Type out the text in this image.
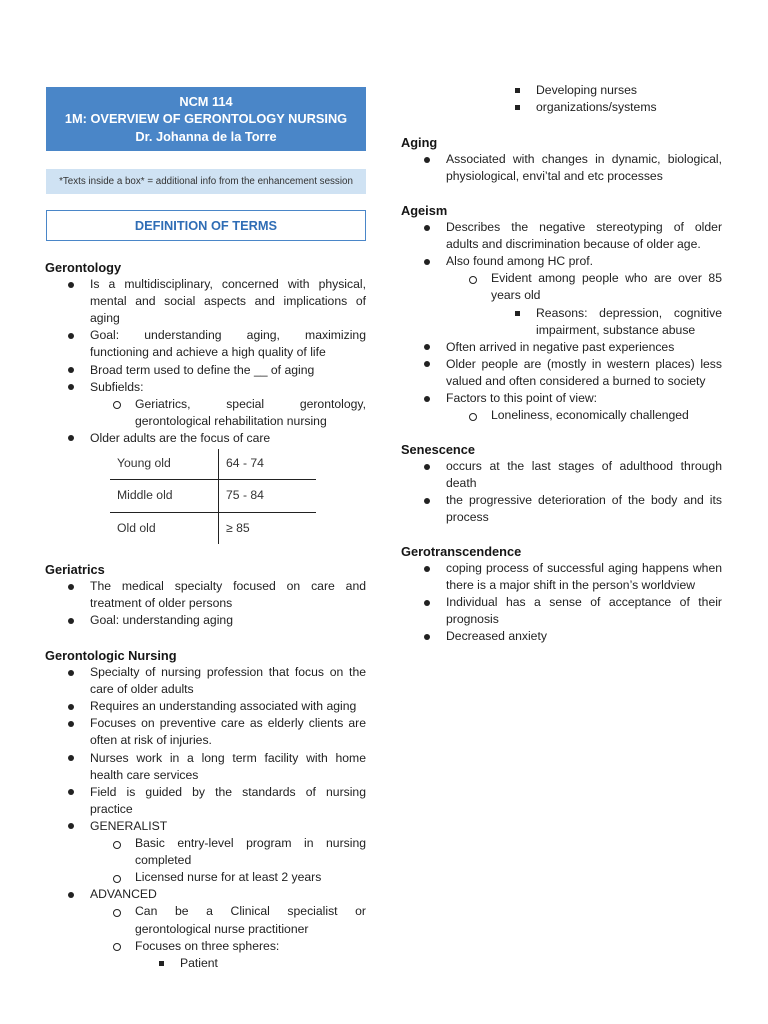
NCM 114
1M: OVERVIEW OF GERONTOLOGY NURSING
Dr. Johanna de la Torre
*Texts inside a box* = additional info from the enhancement session
DEFINITION OF TERMS
Gerontology
Is a multidisciplinary, concerned with physical,
mental and social aspects and implications of
aging
Goal: understanding aging, maximizing
functioning and achieve a high quality of life
Broad term used to define the __ of aging
Subfields:
Geriatrics, special gerontology,
gerontological rehabilitation nursing
Older adults are the focus of care
Young old	64 - 74
Middle old	75 - 84
Old old	≥ 85
Geriatrics
The medical specialty focused on care and
treatment of older persons
Goal: understanding aging
Gerontologic Nursing
Specialty of nursing profession that focus on the
care of older adults
Requires an understanding associated with aging
Focuses on preventive care as elderly clients are
often at risk of injuries.
Nurses work in a long term facility with home
health care services
Field is guided by the standards of nursing
practice
GENERALIST
Basic entry-level program in nursing
completed
Licensed nurse for at least 2 years
ADVANCED
Can be a Clinical specialist or
gerontological nurse practitioner
Focuses on three spheres:
Patient
Developing nurses
organizations/systems
Aging
Associated with changes in dynamic, biological,
physiological, envi’tal and etc processes
Ageism
Describes the negative stereotyping of older
adults and discrimination because of older age.
Also found among HC prof.
Evident among people who are over 85
years old
Reasons: depression, cognitive
impairment, substance abuse
Often arrived in negative past experiences
Older people are (mostly in western places) less
valued and often considered a burned to society
Factors to this point of view:
Loneliness, economically challenged
Senescence
occurs at the last stages of adulthood through
death
the progressive deterioration of the body and its
process
Gerotranscendence
coping process of successful aging happens when
there is a major shift in the person’s worldview
Individual has a sense of acceptance of their
prognosis
Decreased anxiety
